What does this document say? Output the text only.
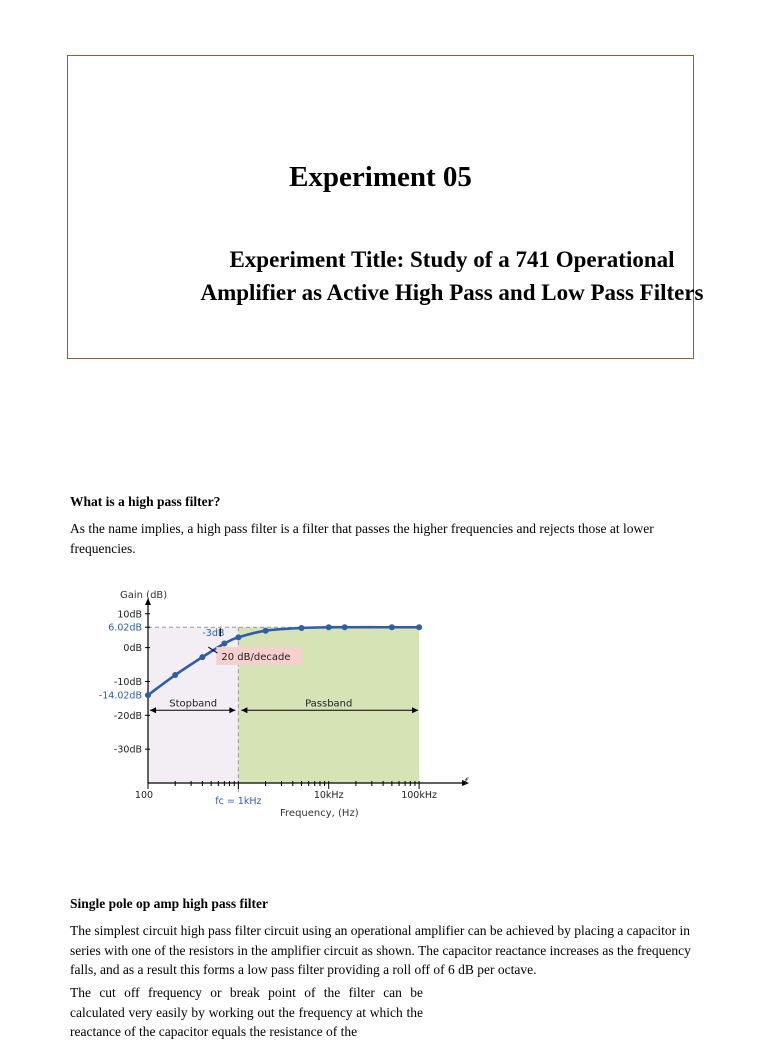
Experiment 05
Experiment Title: Study of a 741 Operational Amplifier as Active High Pass and Low Pass Filters
What is a high pass filter?
As the name implies, a high pass filter is a filter that passes the higher frequencies and rejects those at lower frequencies.
10dB
6.02dB
0dB
-10dB
-14.02dB
-20dB
-30dB
100
fc = 1kHz
10kHz	100kHz
-3dB
20 dB/decade
Stopband	Passband
Gain (dB)
Frequency, (Hz)
f
Single pole op amp high pass filter
The simplest circuit high pass filter circuit using an operational amplifier can be achieved by placing a capacitor in series with one of the resistors in the amplifier circuit as shown. The capacitor reactance increases as the frequency falls, and as a result this forms a low pass filter providing a roll off of 6 dB per octave.
The cut off frequency or break point of the filter can be calculated very easily by working out the frequency at which the reactance of the capacitor equals the resistance of the
